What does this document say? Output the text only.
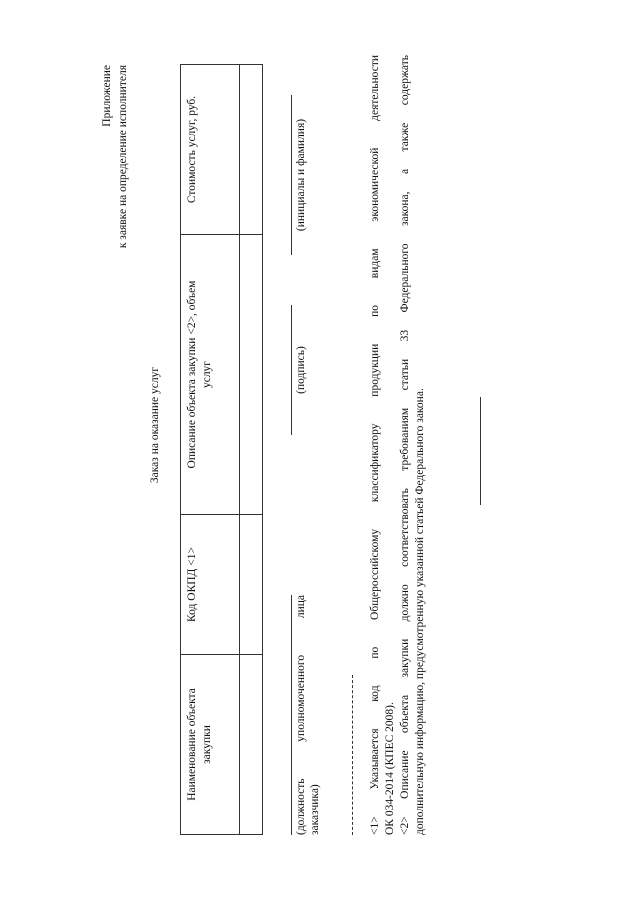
Приложение к заявке на определение исполнителя
Заказ на оказание услуг
Наименование объекта закупки	Код ОКПД <1>	Описание объекта закупки <2>, объем услуг	Стоимость услуг, руб.

(должность уполномоченного лица заказчика)
(подпись)
(инициалы и фамилия)	<1> Указывается код по Общероссийскому классификатору продукции по видам экономической деятельности ОК 034-2014 (КПЕС 2008). <2> Описание объекта закупки должно соответствовать требованиям статьи 33 Федерального закона, а также содержать дополнительную информацию, предусмотренную указанной статьей Федерального закона.
